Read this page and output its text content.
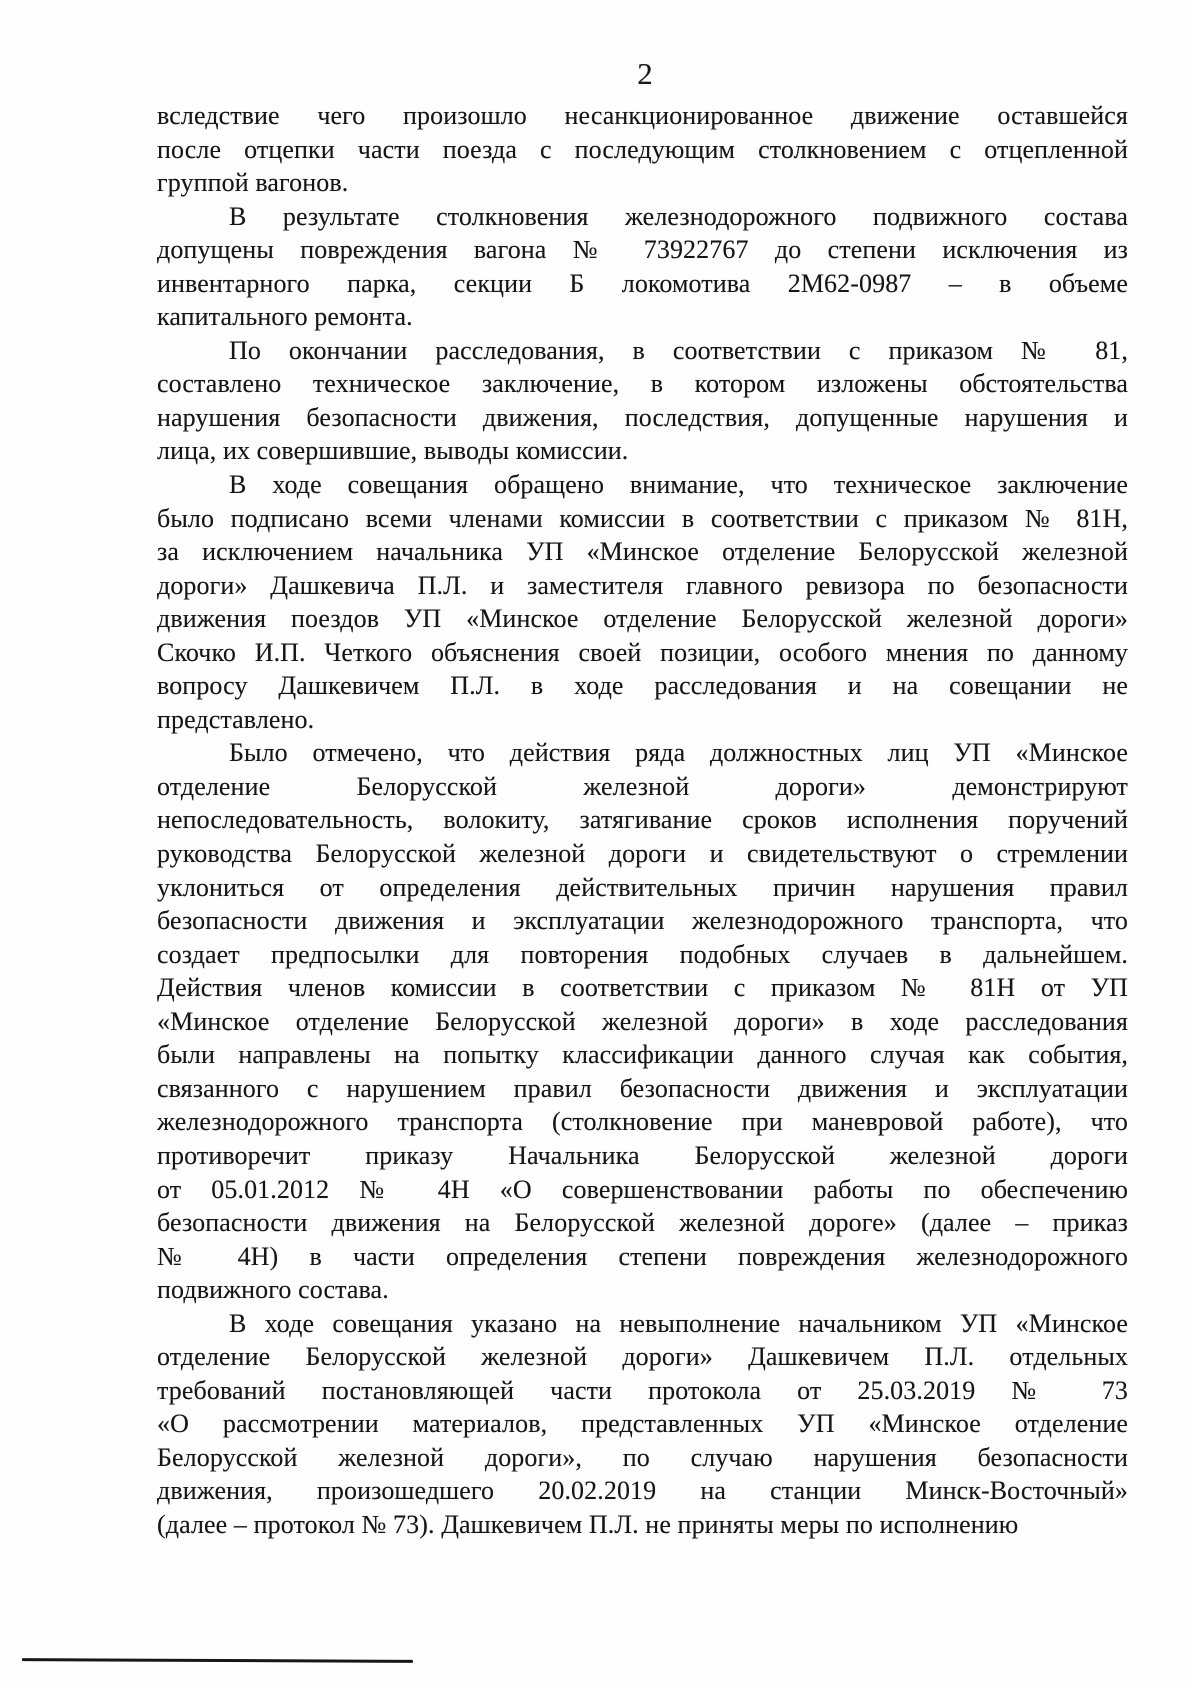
2
вследствие чего произошло несанкционированное движение оставшейся
после отцепки части поезда с последующим столкновением с отцепленной
группой вагонов.
В результате столкновения железнодорожного подвижного состава
допущены повреждения вагона № 73922767 до степени исключения из
инвентарного парка, секции Б локомотива 2М62-0987 – в объеме
капитального ремонта.
По окончании расследования, в соответствии с приказом № 81,
составлено техническое заключение, в котором изложены обстоятельства
нарушения безопасности движения, последствия, допущенные нарушения и
лица, их совершившие, выводы комиссии.
В ходе совещания обращено внимание, что техническое заключение
было подписано всеми членами комиссии в соответствии с приказом № 81Н,
за исключением начальника УП «Минское отделение Белорусской железной
дороги» Дашкевича П.Л. и заместителя главного ревизора по безопасности
движения поездов УП «Минское отделение Белорусской железной дороги»
Скочко И.П. Четкого объяснения своей позиции, особого мнения по данному
вопросу Дашкевичем П.Л. в ходе расследования и на совещании не
представлено.
Было отмечено, что действия ряда должностных лиц УП «Минское
отделение Белорусской железной дороги» демонстрируют
непоследовательность, волокиту, затягивание сроков исполнения поручений
руководства Белорусской железной дороги и свидетельствуют о стремлении
уклониться от определения действительных причин нарушения правил
безопасности движения и эксплуатации железнодорожного транспорта, что
создает предпосылки для повторения подобных случаев в дальнейшем.
Действия членов комиссии в соответствии с приказом № 81Н от УП
«Минское отделение Белорусской железной дороги» в ходе расследования
были направлены на попытку классификации данного случая как события,
связанного с нарушением правил безопасности движения и эксплуатации
железнодорожного транспорта (столкновение при маневровой работе), что
противоречит приказу Начальника Белорусской железной дороги
от 05.01.2012 № 4Н «О совершенствовании работы по обеспечению
безопасности движения на Белорусской железной дороге» (далее – приказ
№ 4Н) в части определения степени повреждения железнодорожного
подвижного состава.
В ходе совещания указано на невыполнение начальником УП «Минское
отделение Белорусской железной дороги» Дашкевичем П.Л. отдельных
требований постановляющей части протокола от 25.03.2019 № 73
«О рассмотрении материалов, представленных УП «Минское отделение
Белорусской железной дороги», по случаю нарушения безопасности
движения, произошедшего 20.02.2019 на станции Минск-Восточный»
(далее – протокол № 73). Дашкевичем П.Л. не приняты меры по исполнению
